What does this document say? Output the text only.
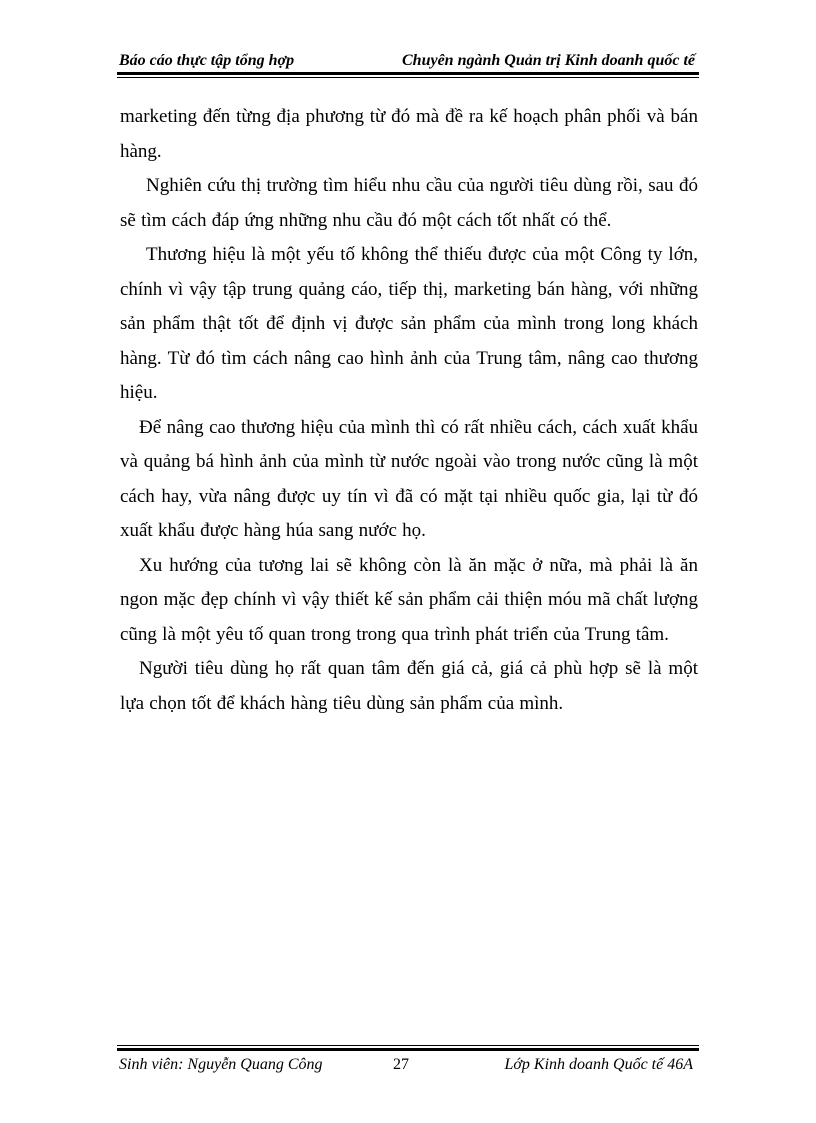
Báo cáo thực tập tổng hợp	Chuyên ngành Quản trị Kinh doanh quốc tế

marketing đến từng địa phương từ đó mà đề ra kế hoạch phân phối và bán hàng.

Nghiên cứu thị trường tìm hiểu nhu cầu của người tiêu dùng rồi, sau đó sẽ tìm cách đáp ứng những nhu cầu đó một cách tốt nhất có thể.

Thương hiệu là một yếu tố không thể thiếu được của một Công ty lớn, chính vì vậy tập trung quảng cáo, tiếp thị, marketing bán hàng, với những sản phẩm thật tốt để định vị được sản phẩm của mình trong long khách hàng. Từ đó tìm cách nâng cao hình ảnh của Trung tâm, nâng cao thương hiệu.

Để nâng cao thương hiệu của mình thì có rất nhiều cách, cách xuất khẩu và quảng bá hình ảnh của mình từ nước ngoài vào trong nước cũng là một cách hay, vừa nâng được uy tín vì đã có mặt tại nhiều quốc gia, lại từ đó xuất khẩu được hàng húa sang nước họ.

Xu hướng của tương lai sẽ không còn là ăn mặc ở nữa, mà phải là ăn ngon mặc đẹp chính vì vậy thiết kế sản phẩm cải thiện móu mã chất lượng cũng là một yêu tố quan trong trong qua trình phát triển của Trung tâm.

Người tiêu dùng họ rất quan tâm đến giá cả, giá cả phù hợp sẽ là một lựa chọn tốt để khách hàng tiêu dùng sản phẩm của mình.

Sinh viên: Nguyễn Quang Công	27	Lớp Kinh doanh Quốc tế 46A
